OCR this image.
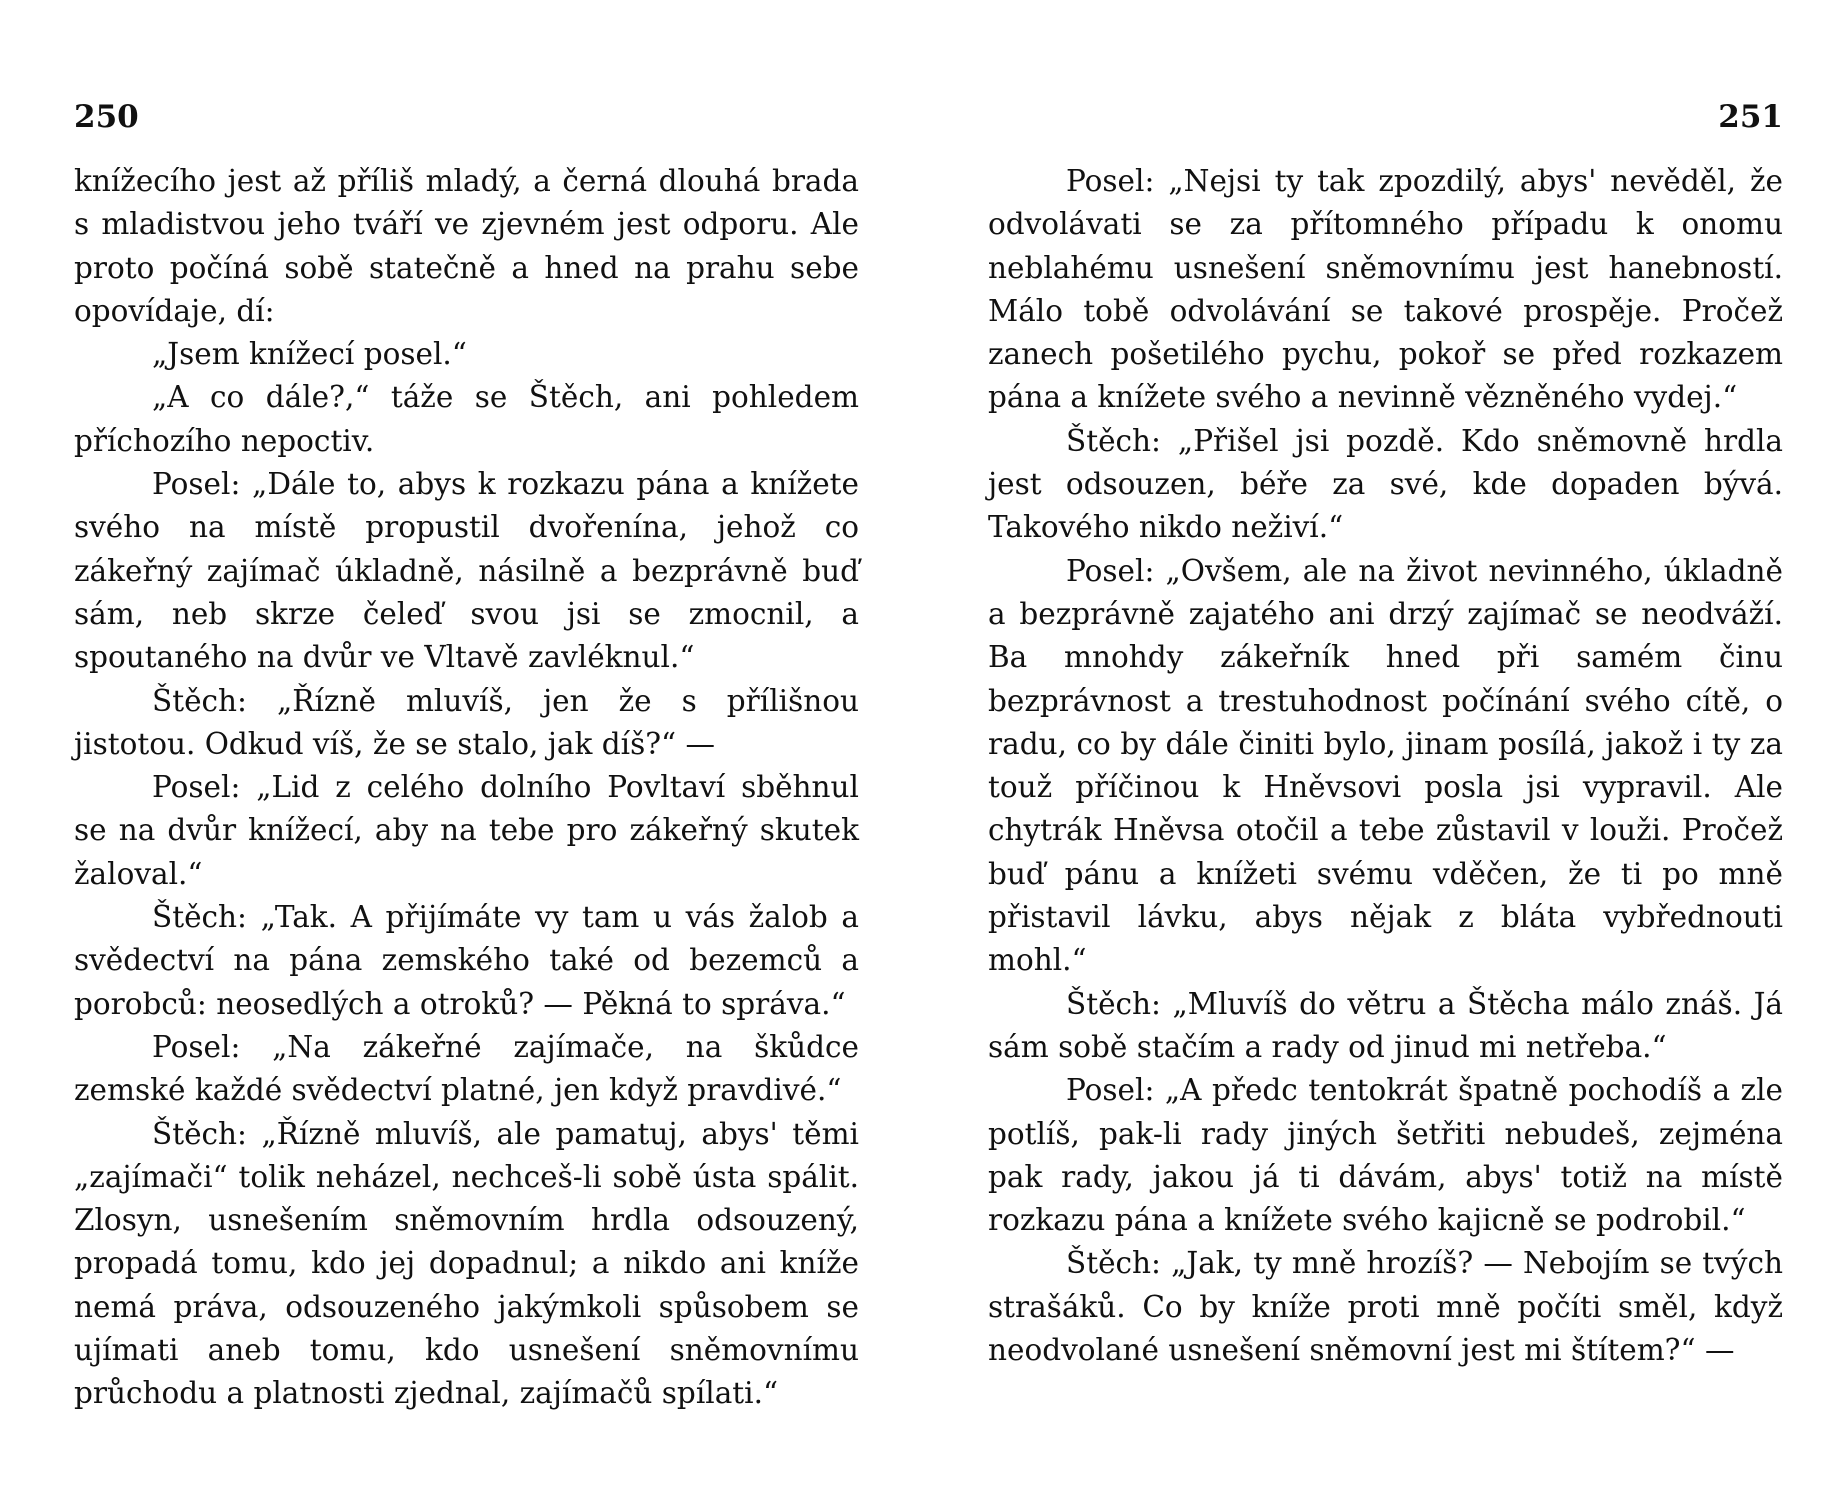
250

knížecího jest až příliš mladý, a černá dlouhá brada s mladistvou jeho tváří ve zjevném jest odporu. Ale proto počíná sobě statečně a hned na prahu sebe opovídaje, dí:

„Jsem knížecí posel.“

„A co dále?,“ táže se Štěch, ani pohledem příchozího nepoctiv.

Posel: „Dále to, abys k rozkazu pána a knížete svého na místě propustil dvořenína, jehož co zákeřný zajímač úkladně, násilně a bezprávně buď sám, neb skrze čeleď svou jsi se zmocnil, a spoutaného na dvůr ve Vltavě zavléknul.“

Štěch: „Řízně mluvíš, jen že s přílišnou jistotou. Odkud víš, že se stalo, jak díš?“ —

Posel: „Lid z celého dolního Povltaví sběhnul se na dvůr knížecí, aby na tebe pro zákeřný skutek žaloval.“

Štěch: „Tak. A přijímáte vy tam u vás žalob a svědectví na pána zemského také od bezemců a porobců: neosedlých a otroků? — Pěkná to správa.“

Posel: „Na zákeřné zajímače, na škůdce zemské každé svědectví platné, jen když pravdivé.“

Štěch: „Řízně mluvíš, ale pamatuj, abys' těmi „zajímači“ tolik neházel, nechceš-li sobě ústa spálit. Zlosyn, usnešením sněmovním hrdla odsouzený, propadá tomu, kdo jej dopadnul; a nikdo ani kníže nemá práva, odsouzeného jakýmkoli spůsobem se ujímati aneb tomu, kdo usnešení sněmovnímu průchodu a platnosti zjednal, zajímačů spílati.“

251

Posel: „Nejsi ty tak zpozdilý, abys' nevěděl, že odvolávati se za přítomného případu k onomu neblahému usnešení sněmovnímu jest hanebností. Málo tobě odvolávání se takové prospěje. Pročež zanech pošetilého pychu, pokoř se před rozkazem pána a knížete svého a nevinně vězněného vydej.“

Štěch: „Přišel jsi pozdě. Kdo sněmovně hrdla jest odsouzen, béře za své, kde dopaden bývá. Takového nikdo neživí.“

Posel: „Ovšem, ale na život nevinného, úkladně a bezprávně zajatého ani drzý zajímač se neodváží. Ba mnohdy zákeřník hned při samém činu bezprávnost a trestuhodnost počínání svého cítě, o radu, co by dále činiti bylo, jinam posílá, jakož i ty za touž příčinou k Hněvsovi posla jsi vypravil. Ale chytrák Hněvsa otočil a tebe zůstavil v louži. Pročež buď pánu a knížeti svému vděčen, že ti po mně přistavil lávku, abys nějak z bláta vybřednouti mohl.“

Štěch: „Mluvíš do větru a Štěcha málo znáš. Já sám sobě stačím a rady od jinud mi netřeba.“

Posel: „A předc tentokrát špatně pochodíš a zle potlíš, pak-li rady jiných šetřiti nebudeš, zejména pak rady, jakou já ti dávám, abys' totiž na místě rozkazu pána a knížete svého kajicně se podrobil.“

Štěch: „Jak, ty mně hrozíš? — Nebojím se tvých strašáků. Co by kníže proti mně počíti směl, když neodvolané usnešení sněmovní jest mi štítem?“ —
